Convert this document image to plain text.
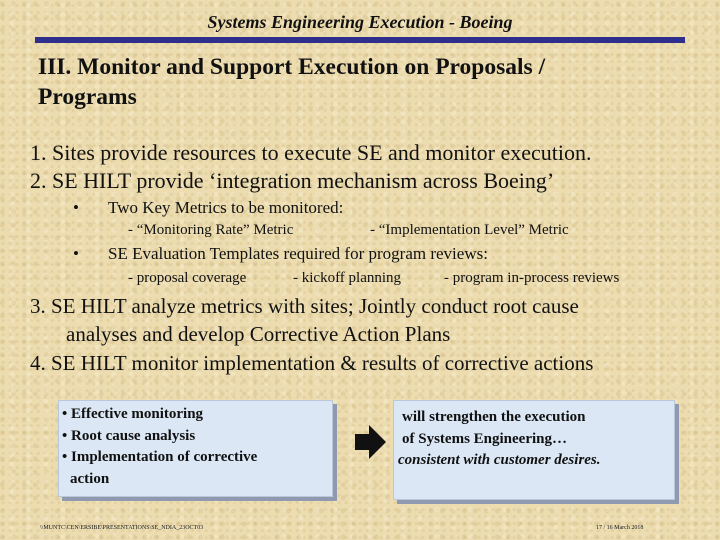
Systems Engineering Execution - Boeing
III. Monitor and Support Execution on Proposals /
Programs
1. Sites provide resources to execute SE and monitor execution.
2. SE HILT provide ‘integration mechanism across Boeing’
• Two Key Metrics to be monitored:
- “Monitoring Rate” Metric	- “Implementation Level” Metric
• SE Evaluation Templates required for program reviews:
- proposal coverage	- kickoff planning	- program in-process reviews
3. SE HILT analyze metrics with sites; Jointly conduct root cause
analyses and develop Corrective Action Plans
4. SE HILT monitor implementation & results of corrective actions
• Effective monitoring
• Root cause analysis
• Implementation of corrective
action
will strengthen the execution
of Systems Engineering…
consistent with customer desires.
\\MUNTC\CEN\ERSIBE\PRESENTATIONS\SE_NDIA_23OCT03	17 / 16 March 2018
